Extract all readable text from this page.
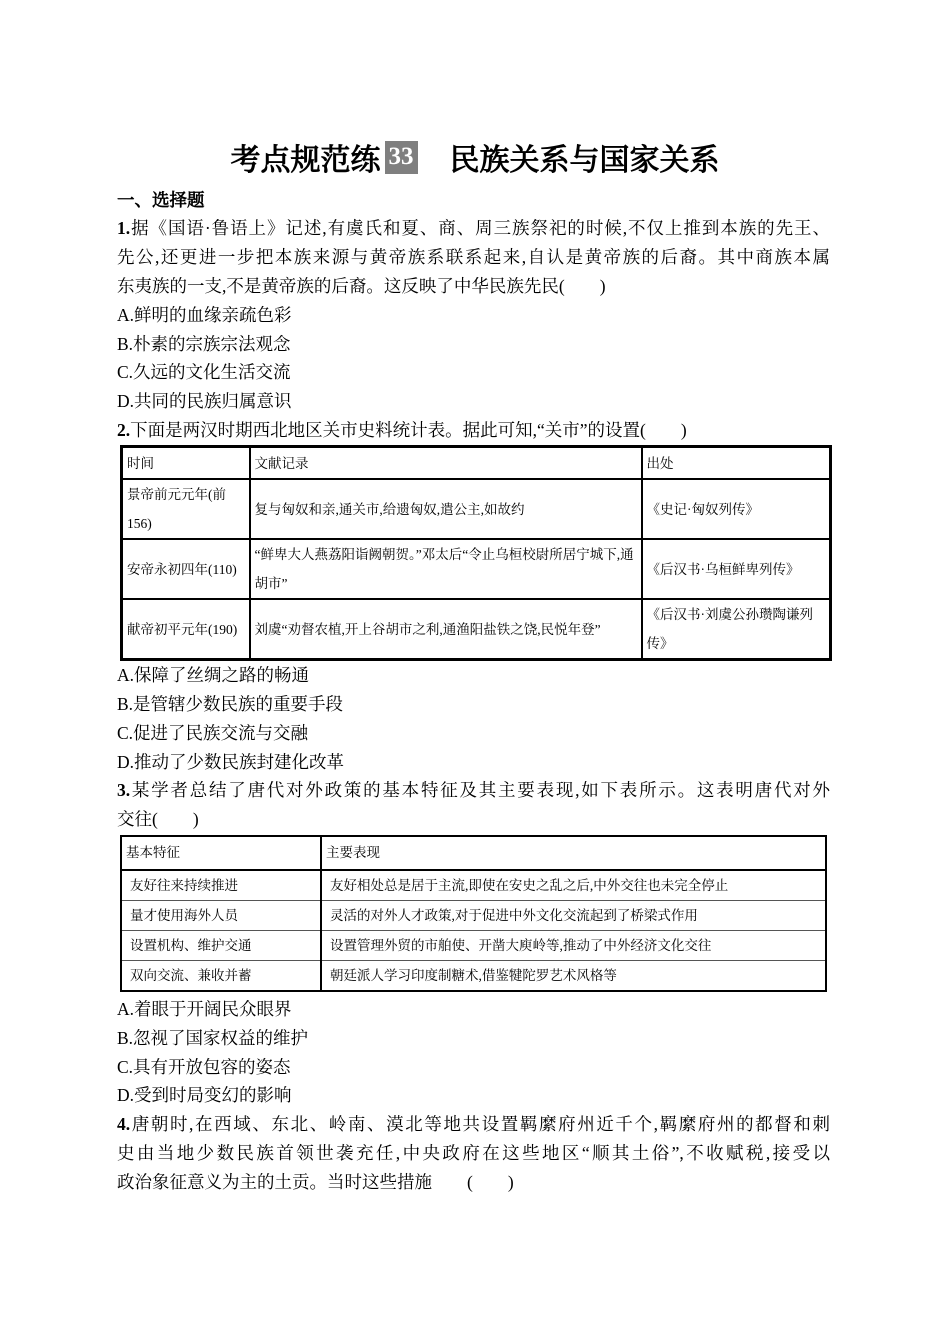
考点规范练 33 民族关系与国家关系
一、选择题
1.据《国语·鲁语上》记述,有虞氏和夏、商、周三族祭祀的时候,不仅上推到本族的先王、
先公,还更进一步把本族来源与黄帝族系联系起来,自认是黄帝族的后裔。其中商族本属
东夷族的一支,不是黄帝族的后裔。这反映了中华民族先民(　　)
A.鲜明的血缘亲疏色彩
B.朴素的宗族宗法观念
C.久远的文化生活交流
D.共同的民族归属意识
2.下面是两汉时期西北地区关市史料统计表。据此可知,“关市”的设置(　　)
时间	文献记录	出处
景帝前元元年(前156)	复与匈奴和亲,通关市,给遗匈奴,遣公主,如故约	《史记·匈奴列传》
安帝永初四年(110)	“鲜卑大人燕荔阳诣阙朝贺。”邓太后“令止乌桓校尉所居宁城下,通胡市”	《后汉书·乌桓鲜卑列传》
献帝初平元年(190)	刘虞“劝督农植,开上谷胡市之利,通渔阳盐铁之饶,民悦年登”	《后汉书·刘虞公孙瓒陶谦列传》
A.保障了丝绸之路的畅通
B.是管辖少数民族的重要手段
C.促进了民族交流与交融
D.推动了少数民族封建化改革
3.某学者总结了唐代对外政策的基本特征及其主要表现,如下表所示。这表明唐代对外
交往(　　)
基本特征	主要表现
友好往来持续推进	友好相处总是居于主流,即使在安史之乱之后,中外交往也未完全停止
量才使用海外人员	灵活的对外人才政策,对于促进中外文化交流起到了桥梁式作用
设置机构、维护交通	设置管理外贸的市舶使、开凿大庾岭等,推动了中外经济文化交往
双向交流、兼收并蓄	朝廷派人学习印度制糖术,借鉴犍陀罗艺术风格等
A.着眼于开阔民众眼界
B.忽视了国家权益的维护
C.具有开放包容的姿态
D.受到时局变幻的影响
4.唐朝时,在西域、东北、岭南、漠北等地共设置羁縻府州近千个,羁縻府州的都督和刺
史由当地少数民族首领世袭充任,中央政府在这些地区“顺其土俗”,不收赋税,接受以
政治象征意义为主的土贡。当时这些措施　　(　　)
